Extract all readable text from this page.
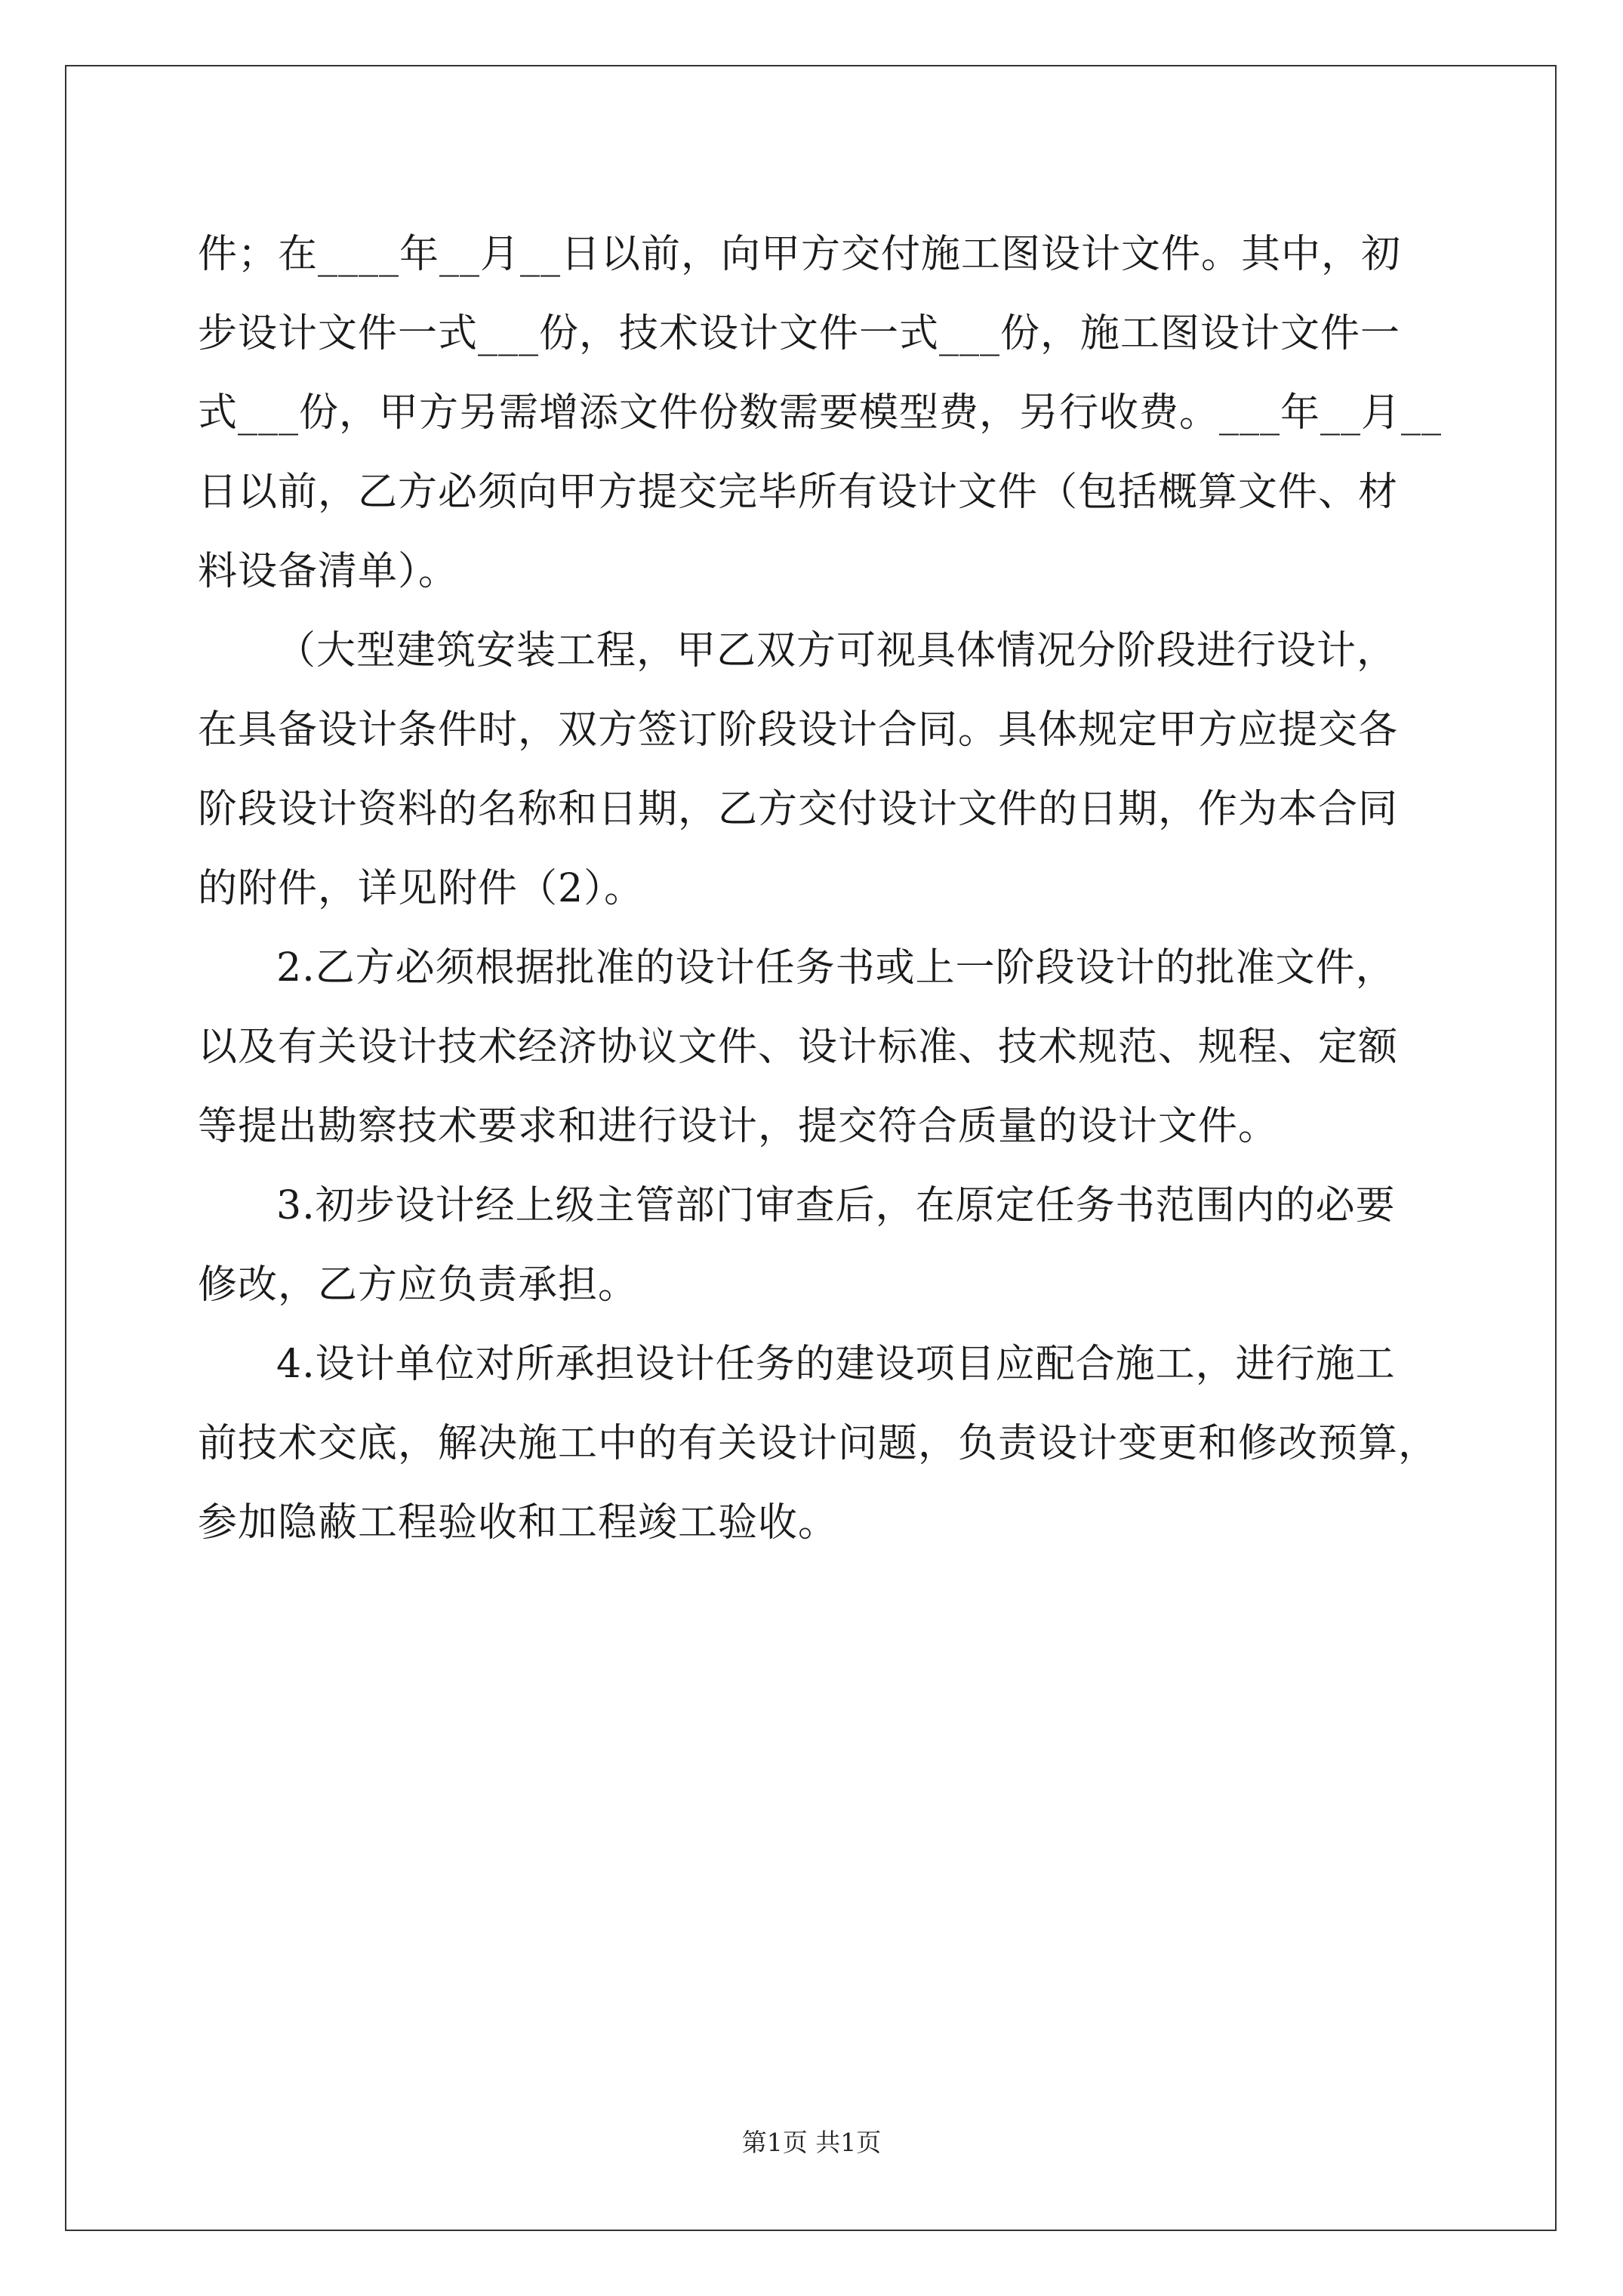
件；在____年__月__日以前，向甲方交付施工图设计文件。其中，初
步设计文件一式___份，技术设计文件一式___份，施工图设计文件一
式___份，甲方另需增添文件份数需要模型费，另行收费。___年__月__
日以前，乙方必须向甲方提交完毕所有设计文件（包括概算文件、材
料设备清单）。

（大型建筑安装工程，甲乙双方可视具体情况分阶段进行设计，
在具备设计条件时，双方签订阶段设计合同。具体规定甲方应提交各
阶段设计资料的名称和日期，乙方交付设计文件的日期，作为本合同
的附件，详见附件（2）。

2.乙方必须根据批准的设计任务书或上一阶段设计的批准文件，
以及有关设计技术经济协议文件、设计标准、技术规范、规程、定额
等提出勘察技术要求和进行设计，提交符合质量的设计文件。

3.初步设计经上级主管部门审查后，在原定任务书范围内的必要
修改，乙方应负责承担。

4.设计单位对所承担设计任务的建设项目应配合施工，进行施工
前技术交底，解决施工中的有关设计问题，负责设计变更和修改预算，
参加隐蔽工程验收和工程竣工验收。

第1页 共1页
